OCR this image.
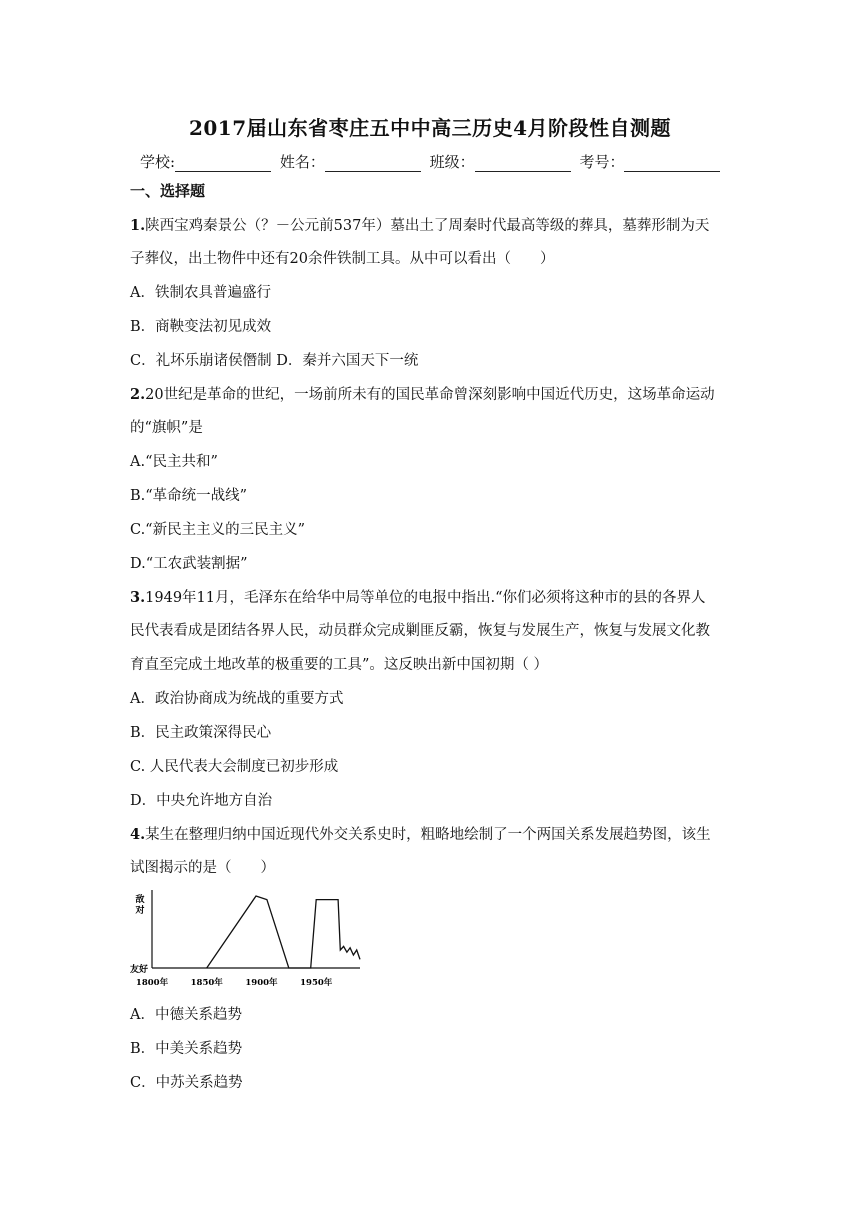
2017届山东省枣庄五中中高三历史4月阶段性自测题
学校:	姓名：	班级：	考号：
一、选择题
1.陕西宝鸡秦景公（？－公元前537年）墓出土了周秦时代最高等级的葬具，墓葬形制为天
子葬仪，出土物件中还有20余件铁制工具。从中可以看出（　　）
A．铁制农具普遍盛行
B．商鞅变法初见成效
C．礼坏乐崩诸侯僭制 D．秦并六国天下一统
2.20世纪是革命的世纪，一场前所未有的国民革命曾深刻影响中国近代历史，这场革命运动
的“旗帜”是
A.“民主共和”
B.“革命统一战线”
C.“新民主主义的三民主义”
D.“工农武装割据”
3.1949年11月，毛泽东在给华中局等单位的电报中指出.“你们必须将这种市的县的各界人
民代表看成是团结各界人民，动员群众完成剿匪反霸，恢复与发展生产，恢复与发展文化教
育直至完成土地改革的极重要的工具”。这反映出新中国初期（ ）
A．政治协商成为统战的重要方式
B．民主政策深得民心
C. 人民代表大会制度已初步形成
D．中央允许地方自治
4.某生在整理归纳中国近现代外交关系史时，粗略地绘制了一个两国关系发展趋势图，该生
试图揭示的是（　　）
敌对
友好
1800年	1850年	1900年	1950年
A．中德关系趋势
B．中美关系趋势
C．中苏关系趋势
